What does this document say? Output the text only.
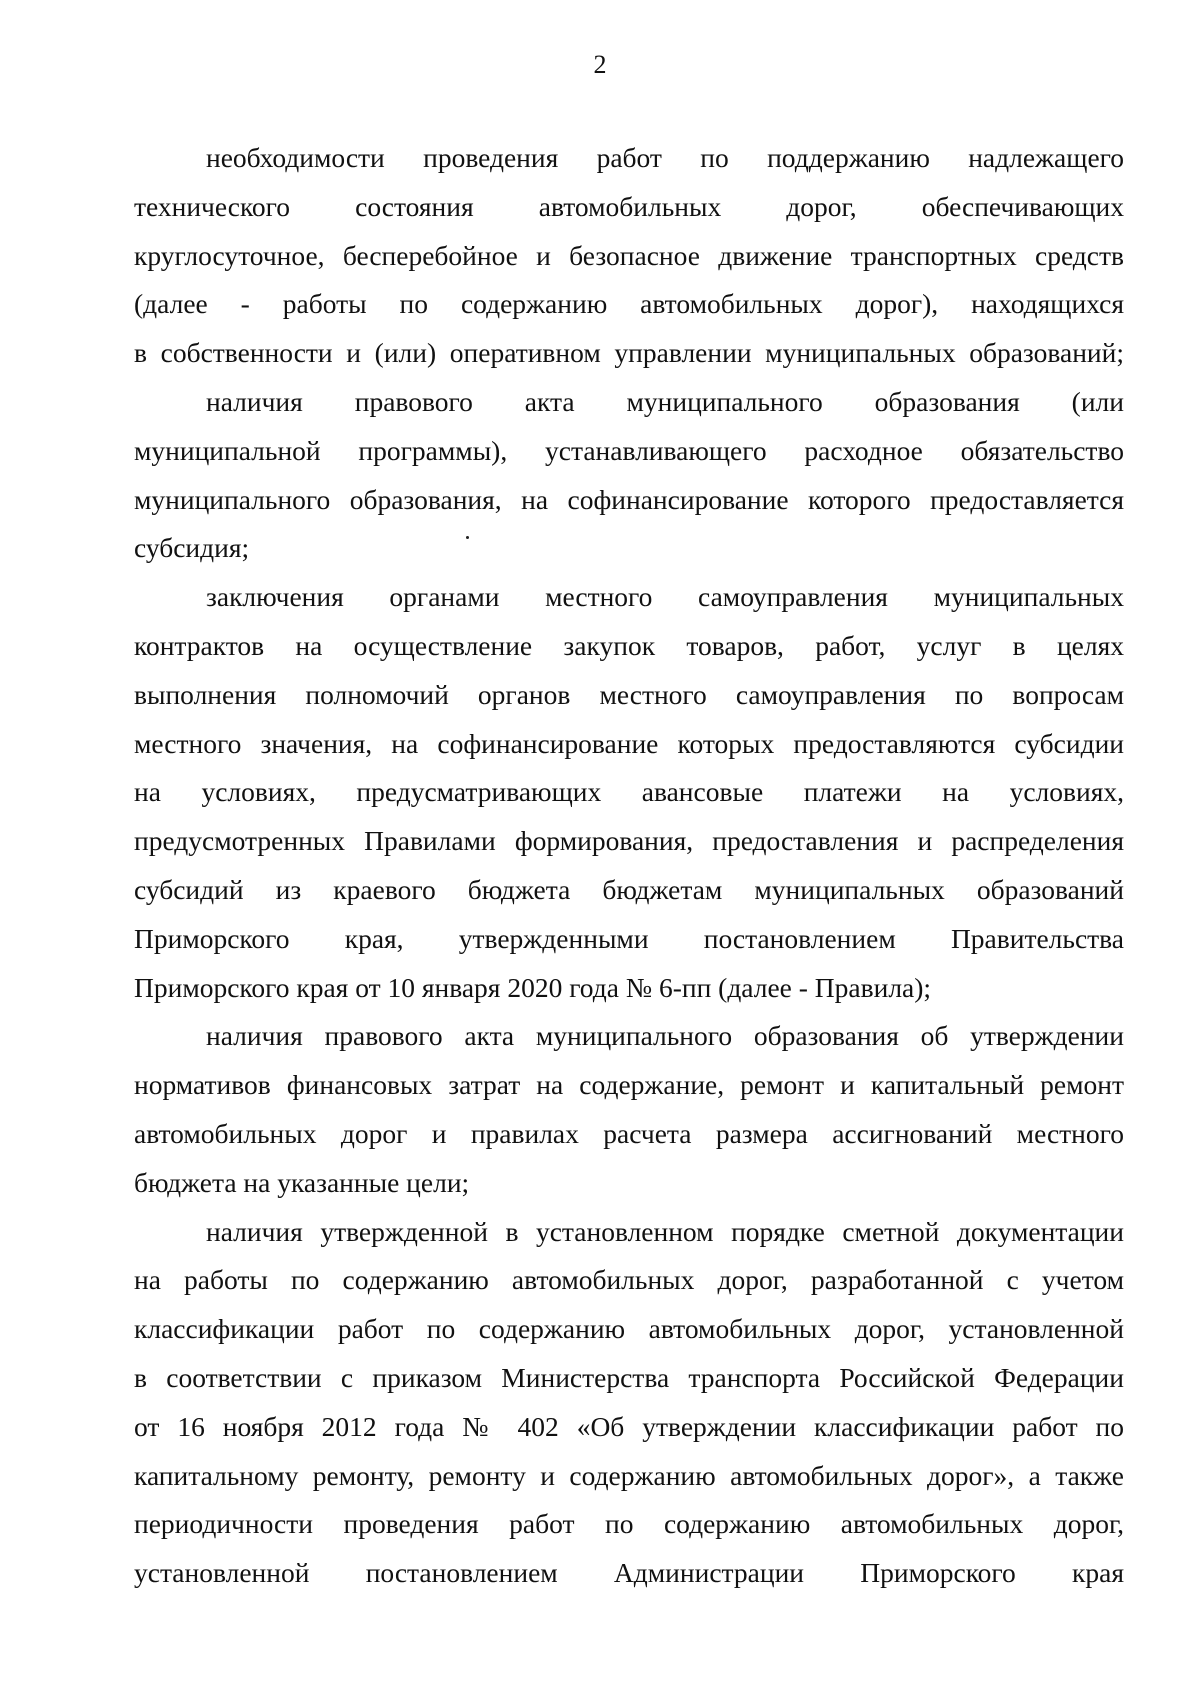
2
необходимости проведения работ по поддержанию надлежащего
технического состояния автомобильных дорог, обеспечивающих
круглосуточное, бесперебойное и безопасное движение транспортных средств
(далее - работы по содержанию автомобильных дорог), находящихся
в собственности и (или) оперативном управлении муниципальных образований;
наличия правового акта муниципального образования (или
муниципальной программы), устанавливающего расходное обязательство
муниципального образования, на софинансирование которого предоставляется
субсидия;
заключения органами местного самоуправления муниципальных
контрактов на осуществление закупок товаров, работ, услуг в целях
выполнения полномочий органов местного самоуправления по вопросам
местного значения, на софинансирование которых предоставляются субсидии
на условиях, предусматривающих авансовые платежи на условиях,
предусмотренных Правилами формирования, предоставления и распределения
субсидий из краевого бюджета бюджетам муниципальных образований
Приморского края, утвержденными постановлением Правительства
Приморского края от 10 января 2020 года № 6-пп (далее - Правила);
наличия правового акта муниципального образования об утверждении
нормативов финансовых затрат на содержание, ремонт и капитальный ремонт
автомобильных дорог и правилах расчета размера ассигнований местного
бюджета на указанные цели;
наличия утвержденной в установленном порядке сметной документации
на работы по содержанию автомобильных дорог, разработанной с учетом
классификации работ по содержанию автомобильных дорог, установленной
в соответствии с приказом Министерства транспорта Российской Федерации
от 16 ноября 2012 года № 402 «Об утверждении классификации работ по
капитальному ремонту, ремонту и содержанию автомобильных дорог», а также
периодичности проведения работ по содержанию автомобильных дорог,
установленной постановлением Администрации Приморского края
